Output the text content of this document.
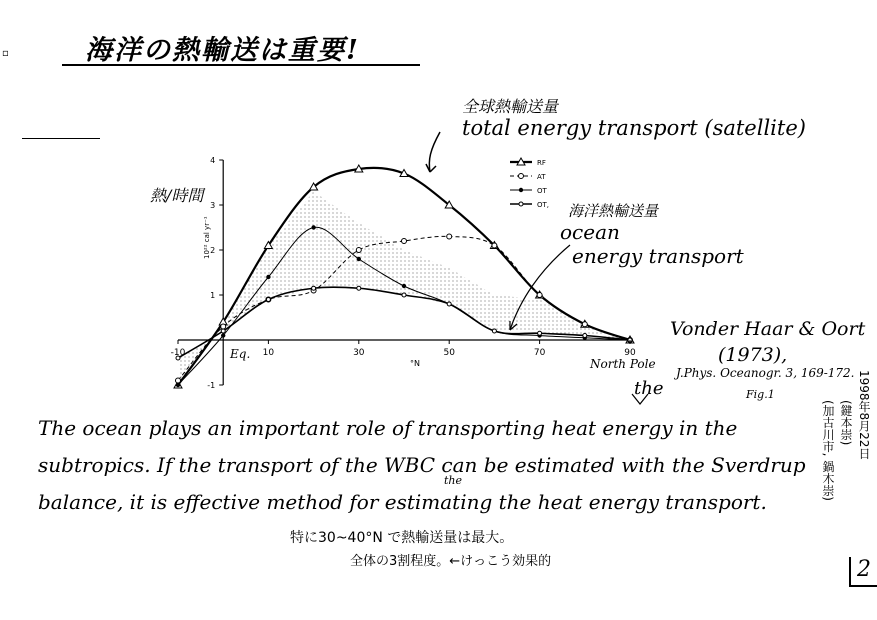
▫	海洋の熱輸送は重要!
RF
AT
OT
OT,
-10	10	30	50	70	90
-1
1
2
3
4
°N
10²² cal yr⁻¹
全球熱輸送量
total energy transport (satellite)
海洋熱輸送量
ocean
energy transport
熱/時間
North Pole
Eq.
Vonder Haar & Oort
(1973),
J.Phys. Oceanogr. 3, 169-172.
Fig.1
the
The ocean plays an important role of transporting heat energy in the subtropics. If the transport of the WBC can be estimated with the Sverdrup balance, it is effective method for estimating the heat energy transport.
the
特に30~40°N で熱輸送量は最大。
全体の3割程度。←けっこう効果的
1998年8月22日
(鍵本崇)
(加古川市, 鍋木崇)
2
